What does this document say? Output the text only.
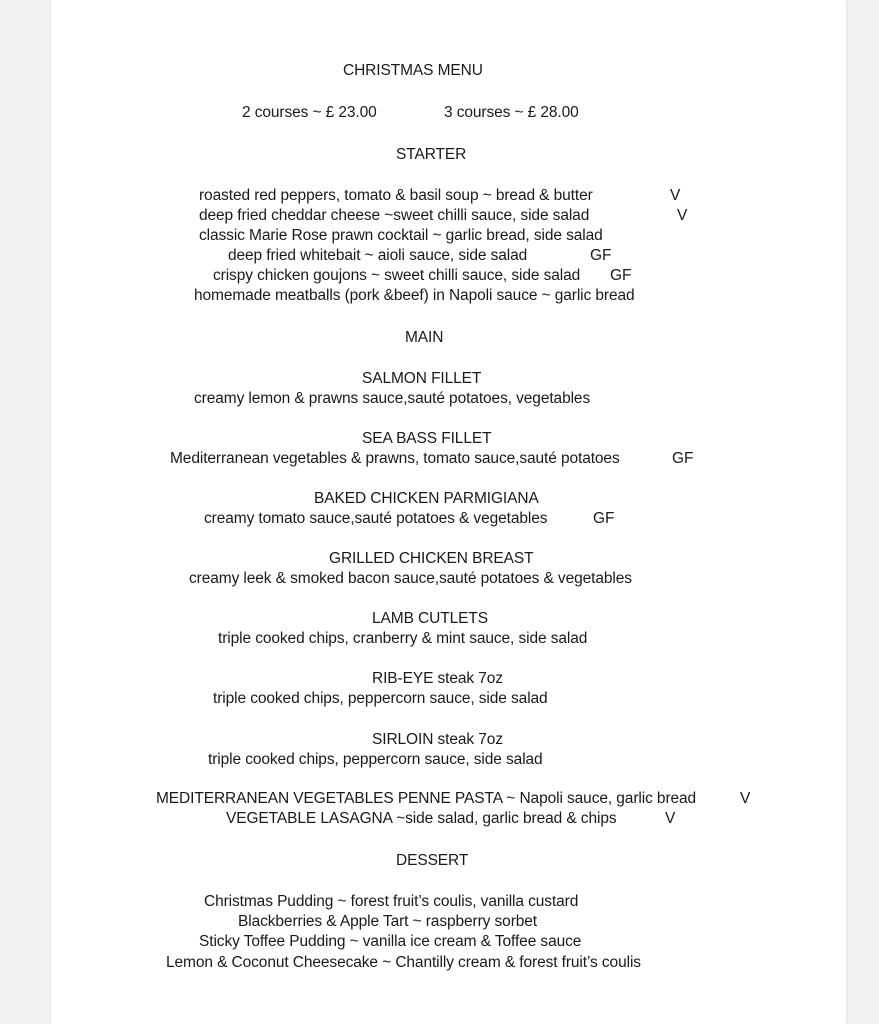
CHRISTMAS MENU
2 courses ~ £ 23.00	3 courses ~ £ 28.00
STARTER
roasted red peppers, tomato & basil soup ~ bread & butter	V
deep fried cheddar cheese ~sweet chilli sauce, side salad	V
classic Marie Rose prawn cocktail ~ garlic bread, side salad
deep fried whitebait ~ aioli sauce, side salad	GF
crispy chicken goujons ~ sweet chilli sauce, side salad GF
homemade meatballs (pork &beef) in Napoli sauce ~ garlic bread
MAIN
SALMON FILLET
creamy lemon & prawns sauce,sauté potatoes, vegetables
SEA BASS FILLET
Mediterranean vegetables & prawns, tomato sauce,sauté potatoes	GF
BAKED CHICKEN PARMIGIANA
creamy tomato sauce,sauté potatoes & vegetables	GF
GRILLED CHICKEN BREAST
creamy leek & smoked bacon sauce,sauté potatoes & vegetables
LAMB CUTLETS
triple cooked chips, cranberry & mint sauce, side salad
RIB-EYE steak 7oz
triple cooked chips, peppercorn sauce, side salad
SIRLOIN steak 7oz
triple cooked chips, peppercorn sauce, side salad
MEDITERRANEAN VEGETABLES PENNE PASTA ~ Napoli sauce, garlic bread	V
VEGETABLE LASAGNA ~side salad, garlic bread & chips	V
DESSERT
Christmas Pudding ~ forest fruit’s coulis, vanilla custard
Blackberries & Apple Tart ~ raspberry sorbet
Sticky Toffee Pudding ~ vanilla ice cream & Toffee sauce
Lemon & Coconut Cheesecake ~ Chantilly cream & forest fruit’s coulis
